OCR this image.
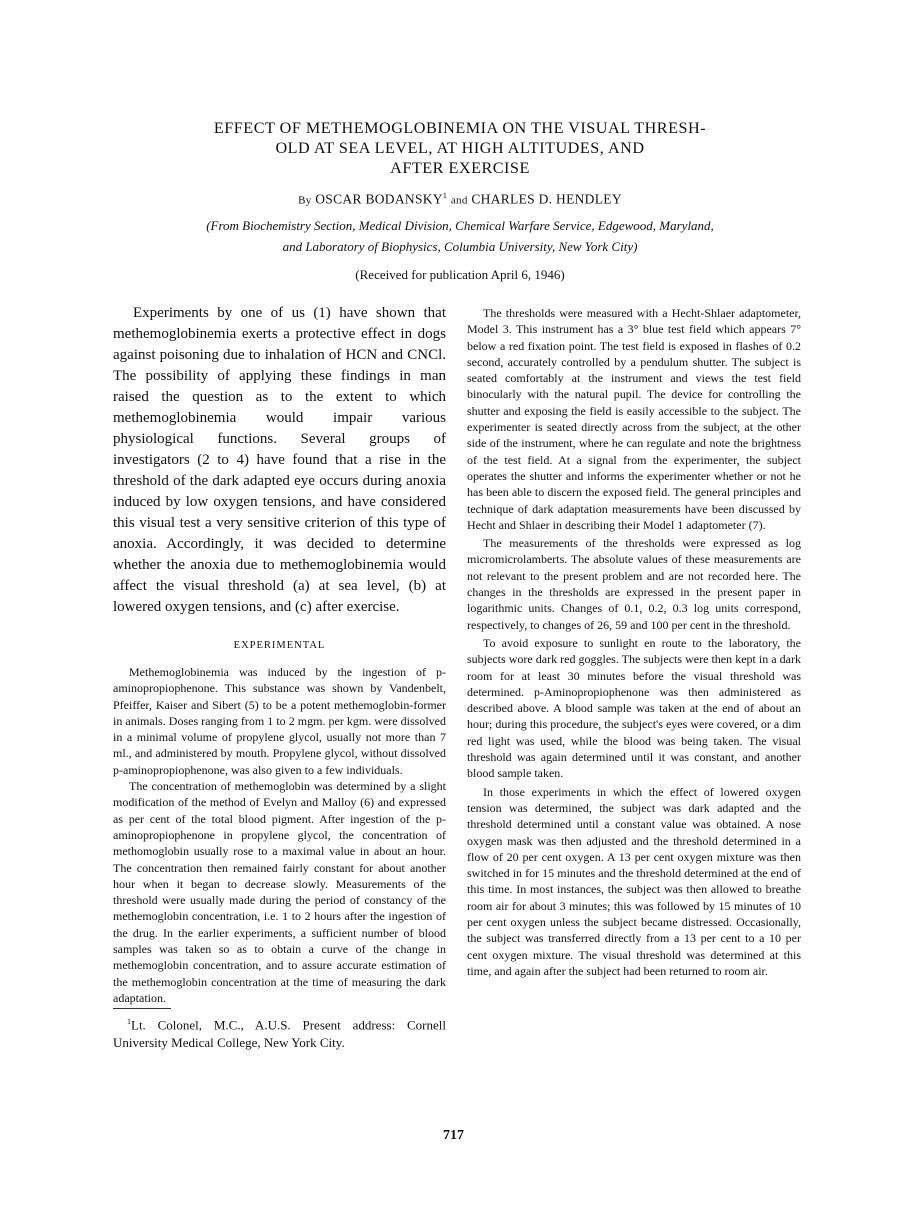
EFFECT OF METHEMOGLOBINEMIA ON THE VISUAL THRESH-
OLD AT SEA LEVEL, AT HIGH ALTITUDES, AND
AFTER EXERCISE
By OSCAR BODANSKY$^1$ and CHARLES D. HENDLEY
(From Biochemistry Section, Medical Division, Chemical Warfare Service, Edgewood, Maryland,
and Laboratory of Biophysics, Columbia University, New York City)
(Received for publication April 6, 1946)

Experiments by one of us (1) have shown that methemoglobinemia exerts a protective effect in dogs against poisoning due to inhalation of HCN and CNCl. The possibility of applying these findings in man raised the question as to the extent to which methemoglobinemia would impair various physiological functions. Several groups of investigators (2 to 4) have found that a rise in the threshold of the dark adapted eye occurs during anoxia induced by low oxygen tensions, and have considered this visual test a very sensitive criterion of this type of anoxia. Accordingly, it was decided to determine whether the anoxia due to methemoglobinemia would affect the visual threshold (a) at sea level, (b) at lowered oxygen tensions, and (c) after exercise.

EXPERIMENTAL

Methemoglobinemia was induced by the ingestion of p-aminopropiophenone. This substance was shown by Vandenbelt, Pfeiffer, Kaiser and Sibert (5) to be a potent methemoglobin-former in animals. Doses ranging from 1 to 2 mgm. per kgm. were dissolved in a minimal volume of propylene glycol, usually not more than 7 ml., and administered by mouth. Propylene glycol, without dissolved p-aminopropiophenone, was also given to a few individuals.

The concentration of methemoglobin was determined by a slight modification of the method of Evelyn and Malloy (6) and expressed as per cent of the total blood pigment. After ingestion of the p-aminopropiophenone in propylene glycol, the concentration of methomoglobin usually rose to a maximal value in about an hour. The concentration then remained fairly constant for about another hour when it began to decrease slowly. Measurements of the threshold were usually made during the period of constancy of the methemoglobin concentration, i.e. 1 to 2 hours after the ingestion of the drug. In the earlier experiments, a sufficient number of blood samples was taken so as to obtain a curve of the change in methemoglobin concentration, and to assure accurate estimation of the methemoglobin concentration at the time of measuring the dark adaptation.

$^1$Lt. Colonel, M.C., A.U.S. Present address: Cornell University Medical College, New York City.

The thresholds were measured with a Hecht-Shlaer adaptometer, Model 3. This instrument has a 3° blue test field which appears 7° below a red fixation point. The test field is exposed in flashes of 0.2 second, accurately controlled by a pendulum shutter. The subject is seated comfortably at the instrument and views the test field binocularly with the natural pupil. The device for controlling the shutter and exposing the field is easily accessible to the subject. The experimenter is seated directly across from the subject, at the other side of the instrument, where he can regulate and note the brightness of the test field. At a signal from the experimenter, the subject operates the shutter and informs the experimenter whether or not he has been able to discern the exposed field. The general principles and technique of dark adaptation measurements have been discussed by Hecht and Shlaer in describing their Model 1 adaptometer (7).

The measurements of the thresholds were expressed as log micromicrolamberts. The absolute values of these measurements are not relevant to the present problem and are not recorded here. The changes in the thresholds are expressed in the present paper in logarithmic units. Changes of 0.1, 0.2, 0.3 log units correspond, respectively, to changes of 26, 59 and 100 per cent in the threshold.

To avoid exposure to sunlight en route to the laboratory, the subjects wore dark red goggles. The subjects were then kept in a dark room for at least 30 minutes before the visual threshold was determined. p-Aminopropiophenone was then administered as described above. A blood sample was taken at the end of about an hour; during this procedure, the subject's eyes were covered, or a dim red light was used, while the blood was being taken. The visual threshold was again determined until it was constant, and another blood sample taken.

In those experiments in which the effect of lowered oxygen tension was determined, the subject was dark adapted and the threshold determined until a constant value was obtained. A nose oxygen mask was then adjusted and the threshold determined in a flow of 20 per cent oxygen. A 13 per cent oxygen mixture was then switched in for 15 minutes and the threshold determined at the end of this time. In most instances, the subject was then allowed to breathe room air for about 3 minutes; this was followed by 15 minutes of 10 per cent oxygen unless the subject became distressed. Occasionally, the subject was transferred directly from a 13 per cent to a 10 per cent oxygen mixture. The visual threshold was determined at this time, and again after the subject had been returned to room air.

717
